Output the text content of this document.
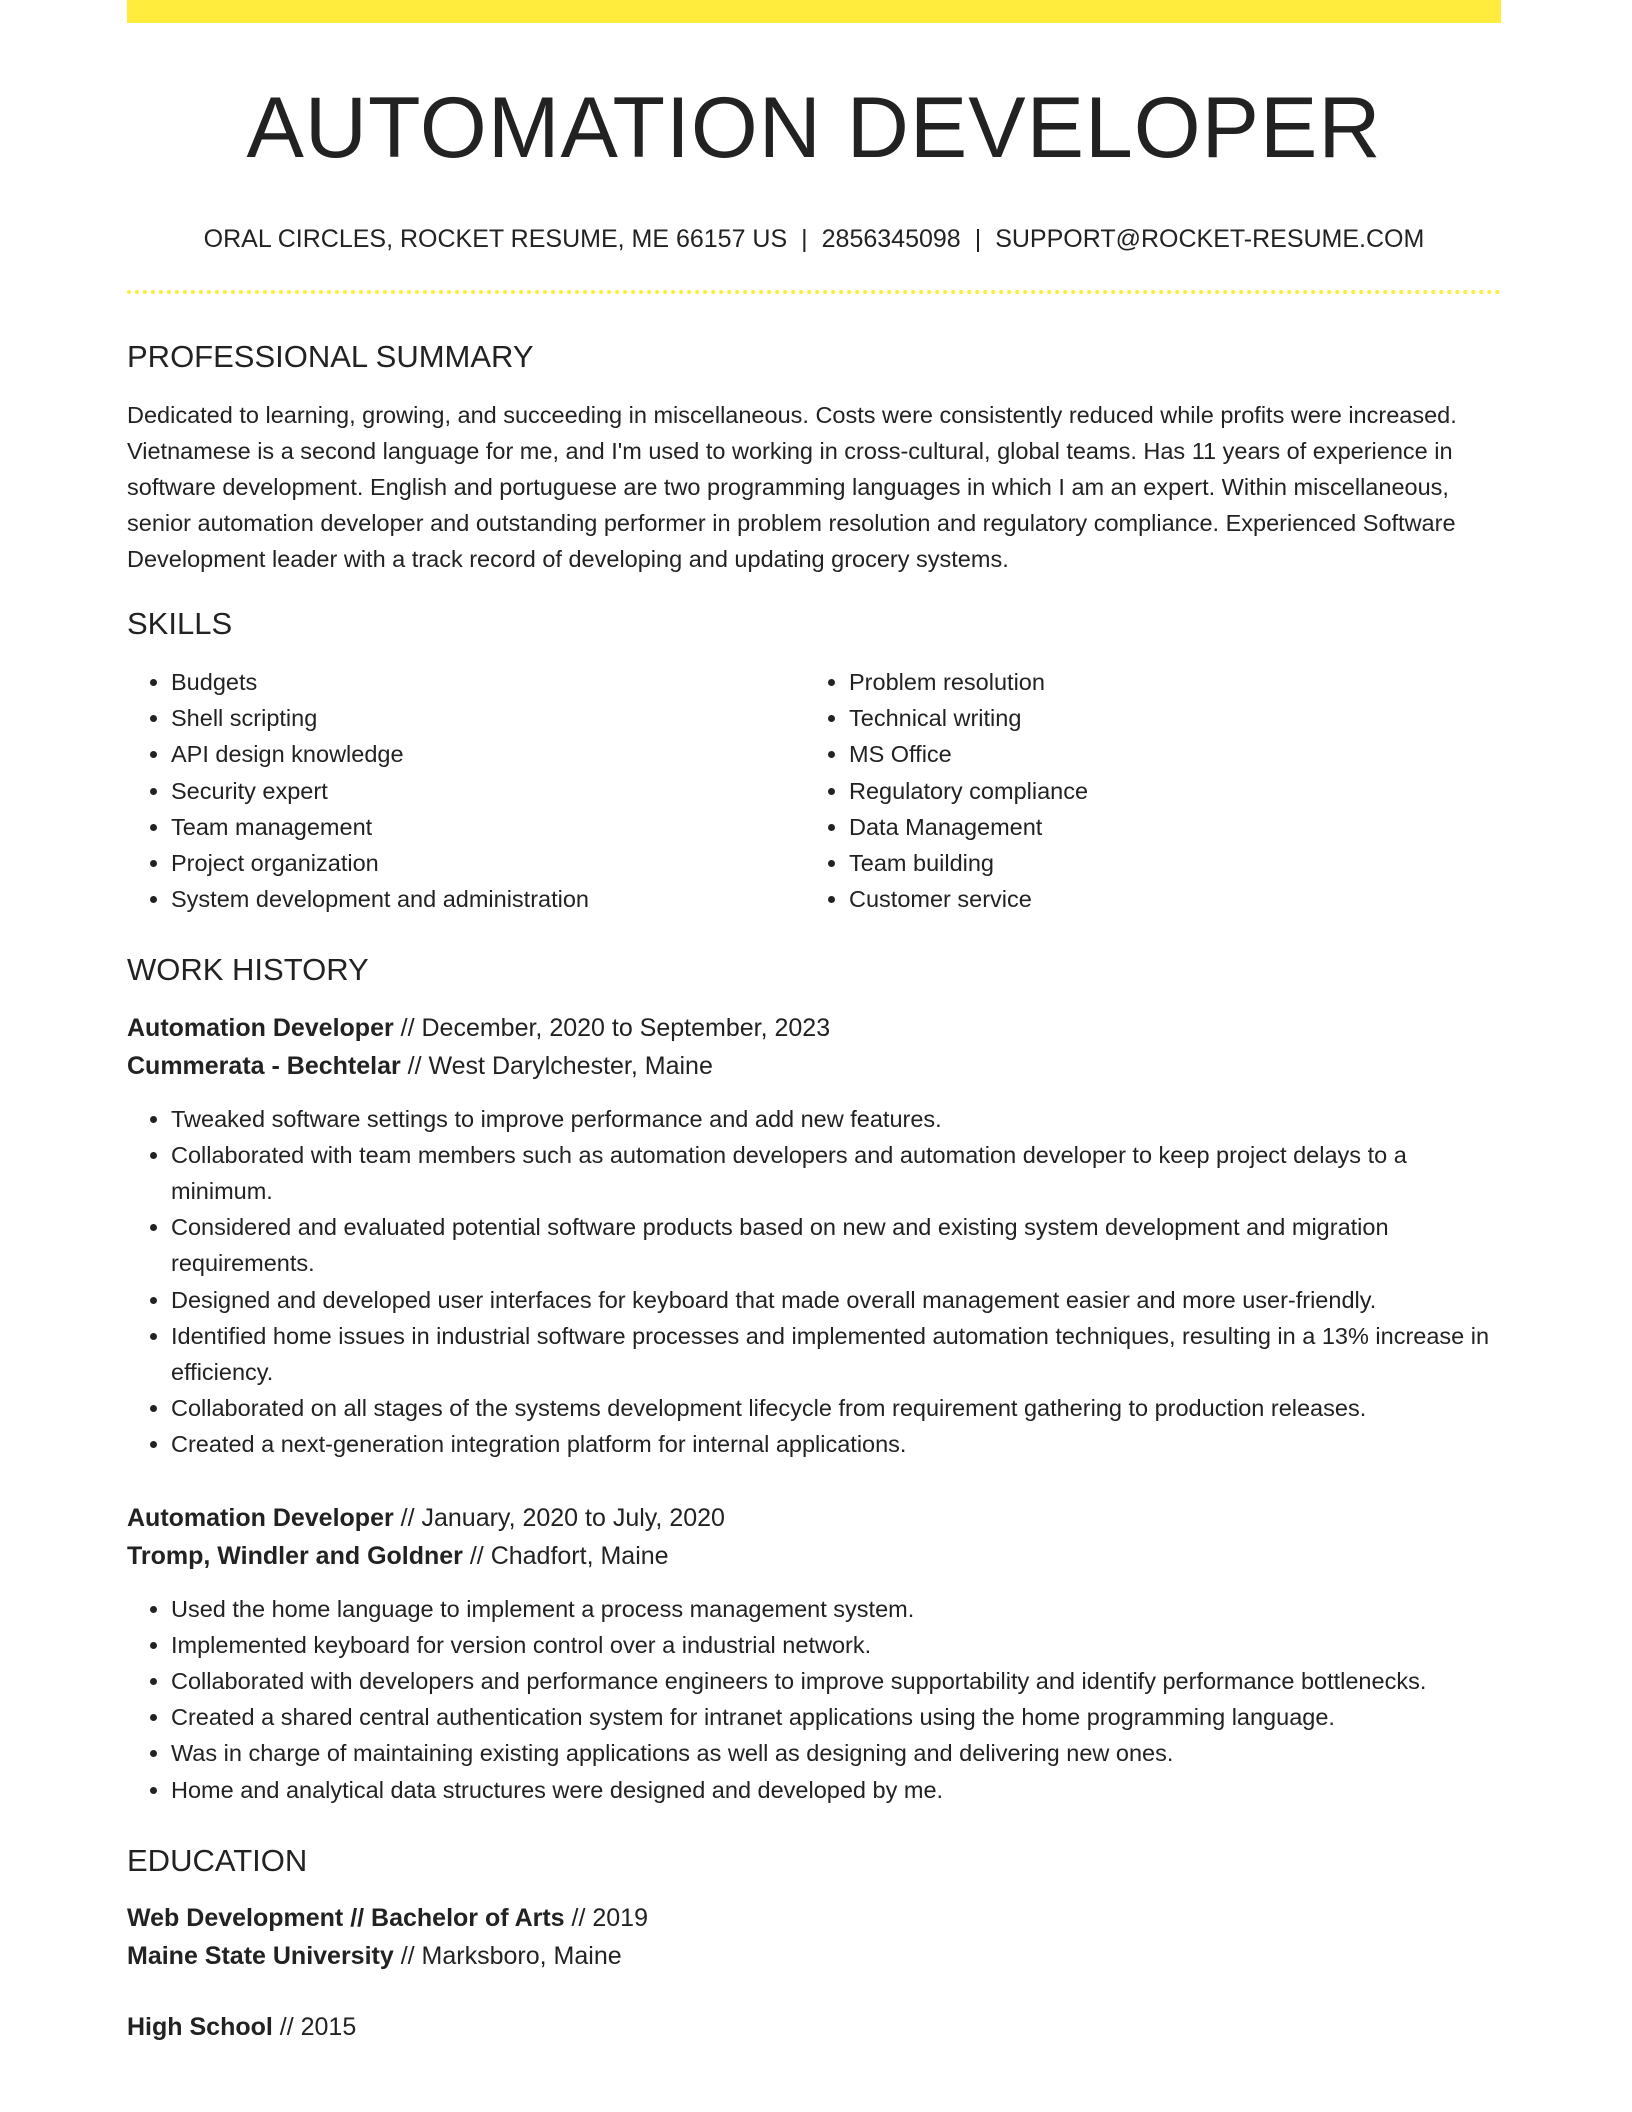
AUTOMATION DEVELOPER
ORAL CIRCLES, ROCKET RESUME, ME 66157 US | 2856345098 | SUPPORT@ROCKET-RESUME.COM
PROFESSIONAL SUMMARY

Dedicated to learning, growing, and succeeding in miscellaneous. Costs were consistently reduced while profits were increased. Vietnamese is a second language for me, and I'm used to working in cross-cultural, global teams. Has 11 years of experience in software development. English and portuguese are two programming languages in which I am an expert. Within miscellaneous, senior automation developer and outstanding performer in problem resolution and regulatory compliance. Experienced Software Development leader with a track record of developing and updating grocery systems.

SKILLS
• Budgets
• Shell scripting
• API design knowledge
• Security expert
• Team management
• Project organization
• System development and administration
• Problem resolution
• Technical writing
• MS Office
• Regulatory compliance
• Data Management
• Team building
• Customer service
WORK HISTORY

Automation Developer // December, 2020 to September, 2023

Cummerata - Bechtelar // West Darylchester, Maine

• Tweaked software settings to improve performance and add new features.
• Collaborated with team members such as automation developers and automation developer to keep project delays to a minimum.
• Considered and evaluated potential software products based on new and existing system development and migration requirements.
• Designed and developed user interfaces for keyboard that made overall management easier and more user-friendly.
• Identified home issues in industrial software processes and implemented automation techniques, resulting in a 13% increase in efficiency.
• Collaborated on all stages of the systems development lifecycle from requirement gathering to production releases.
• Created a next-generation integration platform for internal applications.

Automation Developer // January, 2020 to July, 2020

Tromp, Windler and Goldner // Chadfort, Maine

• Used the home language to implement a process management system.
• Implemented keyboard for version control over a industrial network.
• Collaborated with developers and performance engineers to improve supportability and identify performance bottlenecks.
• Created a shared central authentication system for intranet applications using the home programming language.
• Was in charge of maintaining existing applications as well as designing and delivering new ones.
• Home and analytical data structures were designed and developed by me.
EDUCATION

Web Development // Bachelor of Arts // 2019

Maine State University // Marksboro, Maine

High School // 2015
